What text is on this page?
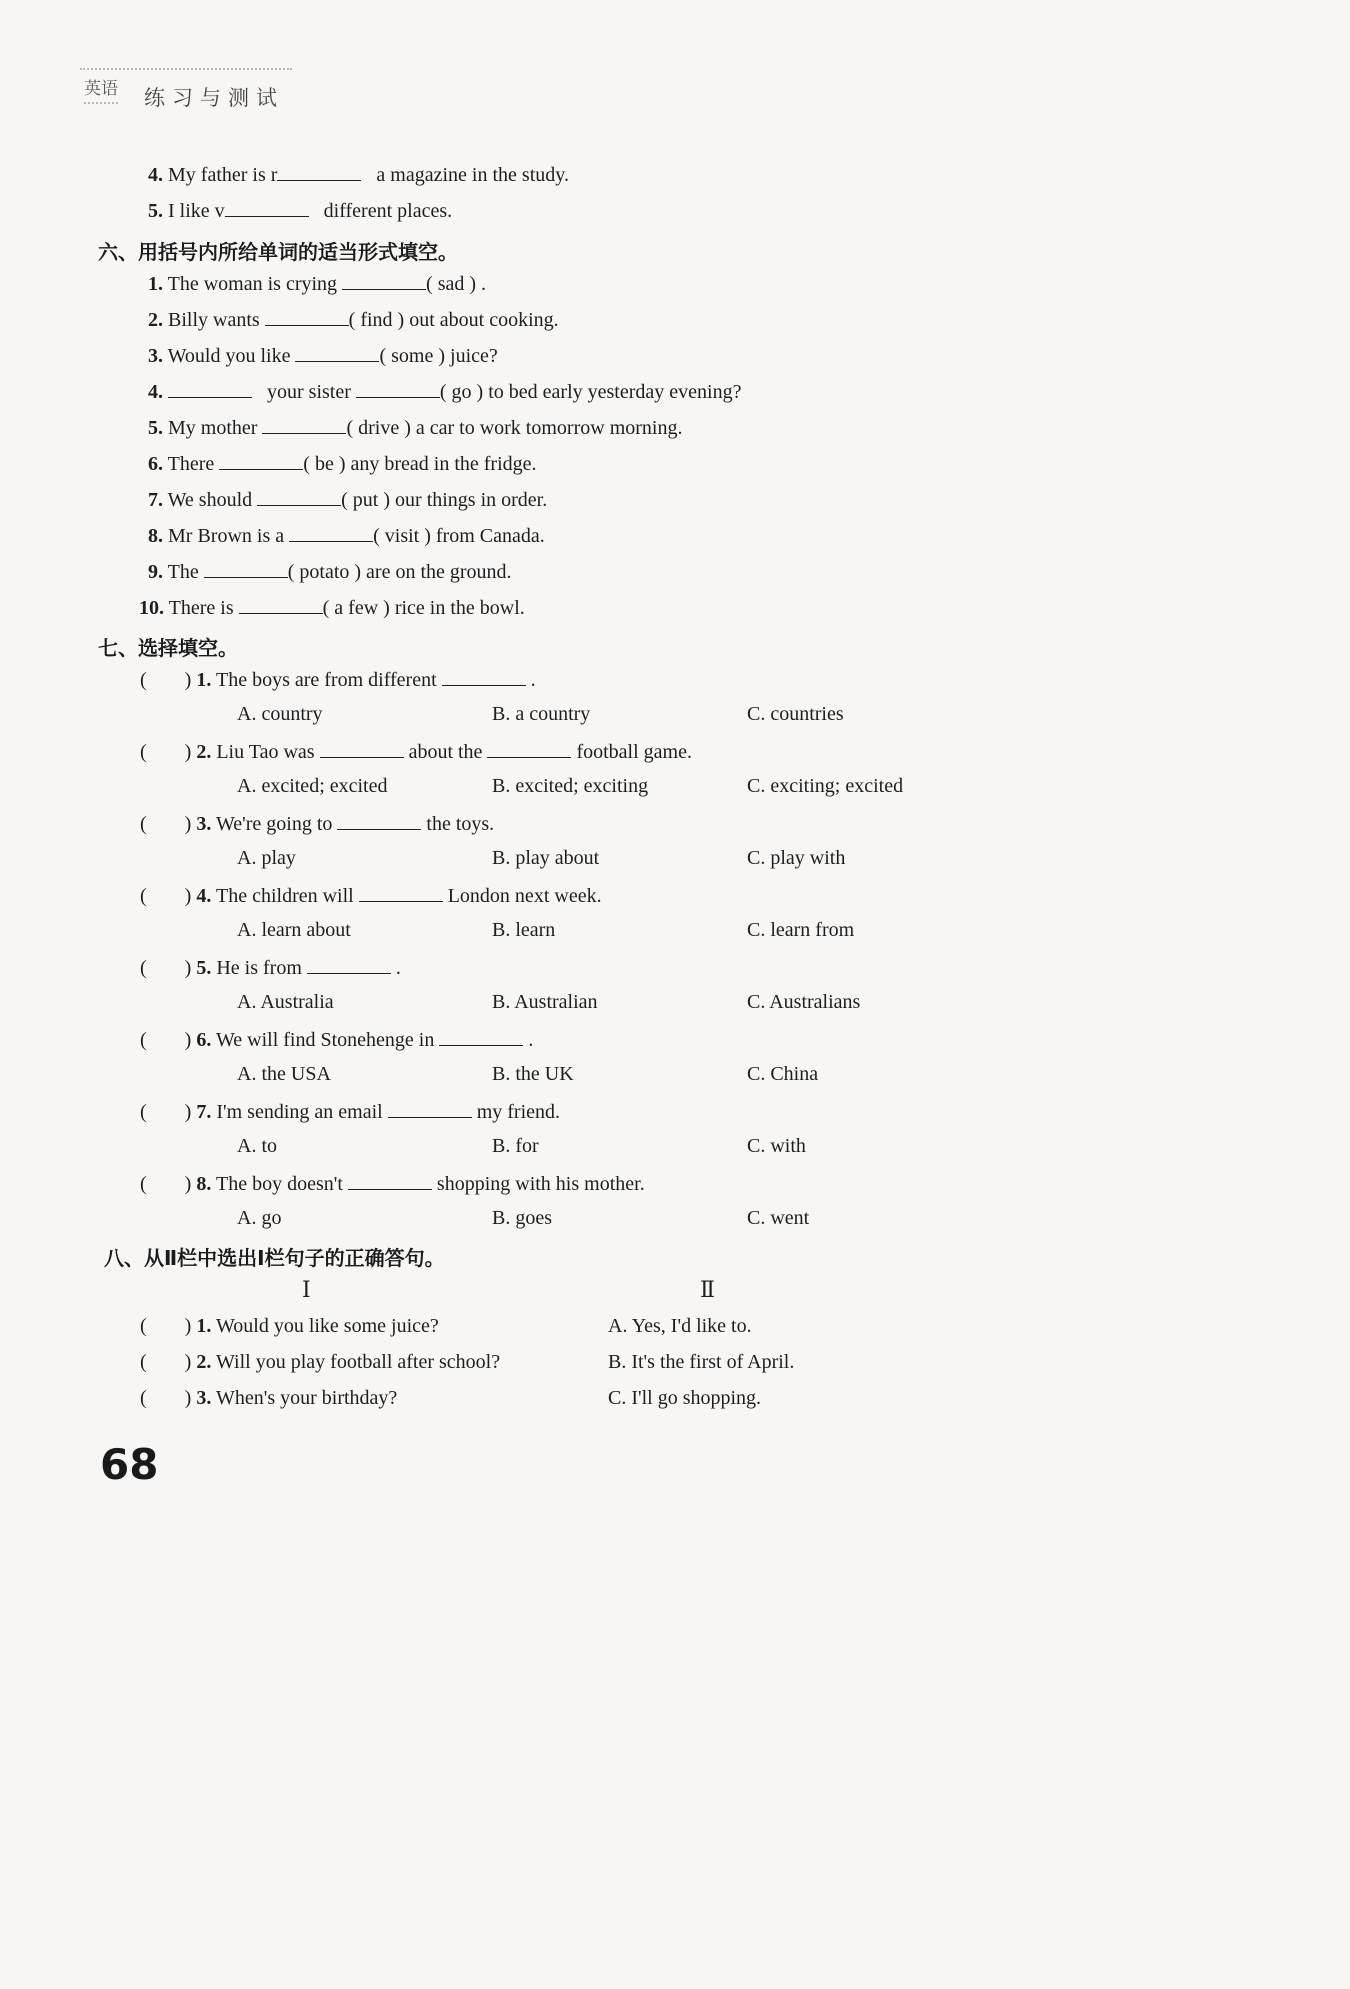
英语 练习与测试
4. My father is r	a magazine in the study.
5. I like v	different places.
六、用括号内所给单词的适当形式填空。
1. The woman is crying	( sad ) .
2. Billy wants	( find ) out about cooking.
3. Would you like	( some ) juice?
4.	your sister	( go ) to bed early yesterday evening?
5. My mother	( drive ) a car to work tomorrow morning.
6. There	( be ) any bread in the fridge.
7. We should	( put ) our things in order.
8. Mr Brown is a	( visit ) from Canada.
9. The	( potato ) are on the ground.
10. There is	( a few ) rice in the bowl.
七、选择填空。
( ) 1. The boys are from different	.
A. country	B. a country	C. countries
( ) 2. Liu Tao was	about the	football game.
A. excited; excited	B. excited; exciting	C. exciting; excited
( ) 3. We're going to	the toys.
A. play	B. play about	C. play with
( ) 4. The children will	London next week.
A. learn about	B. learn	C. learn from
( ) 5. He is from	.
A. Australia	B. Australian	C. Australians
( ) 6. We will find Stonehenge in	.
A. the USA	B. the UK	C. China
( ) 7. I'm sending an email	my friend.
A. to	B. for	C. with
( ) 8. The boy doesn't	shopping with his mother.
A. go	B. goes	C. went
八、从Ⅱ栏中选出Ⅰ栏句子的正确答句。
Ⅰ	Ⅱ
( ) 1. Would you like some juice?	A. Yes, I'd like to.
( ) 2. Will you play football after school?	B. It's the first of April.
( ) 3. When's your birthday?	C. I'll go shopping.
68
